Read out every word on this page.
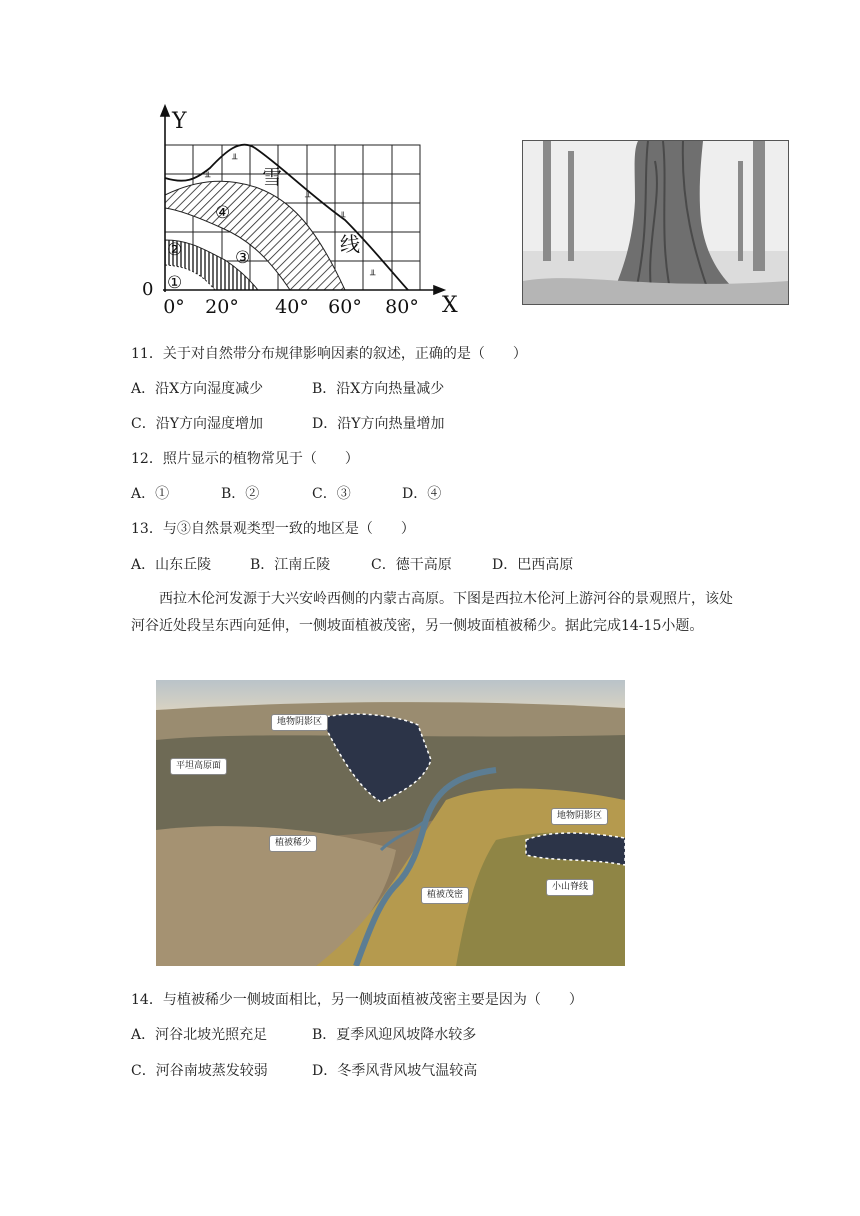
╨
╨
╨
╨
╨
Y
X
0
0° 20° 40° 60° 80°
雪
线
①
②	③
④
11．关于对自然带分布规律影响因素的叙述，正确的是（　　）
A．沿X方向湿度减少	B．沿X方向热量减少
C．沿Y方向湿度增加	D．沿Y方向热量增加
12．照片显示的植物常见于（　　）
A．①	B．②	C．③	D．④
13．与③自然景观类型一致的地区是（　　）
A．山东丘陵	B．江南丘陵	C．德干高原	D．巴西高原
西拉木伦河发源于大兴安岭西侧的内蒙古高原。下图是西拉木伦河上游河谷的景观照片，该处河谷近处段呈东西向延伸，一侧坡面植被茂密，另一侧坡面植被稀少。据此完成14-15小题。
地物阴影区
平坦高原面
植被稀少
植被茂密
地物阴影区
小山脊线
14．与植被稀少一侧坡面相比，另一侧坡面植被茂密主要是因为（　　）
A．河谷北坡光照充足	B．夏季风迎风坡降水较多
C．河谷南坡蒸发较弱	D．冬季风背风坡气温较高
